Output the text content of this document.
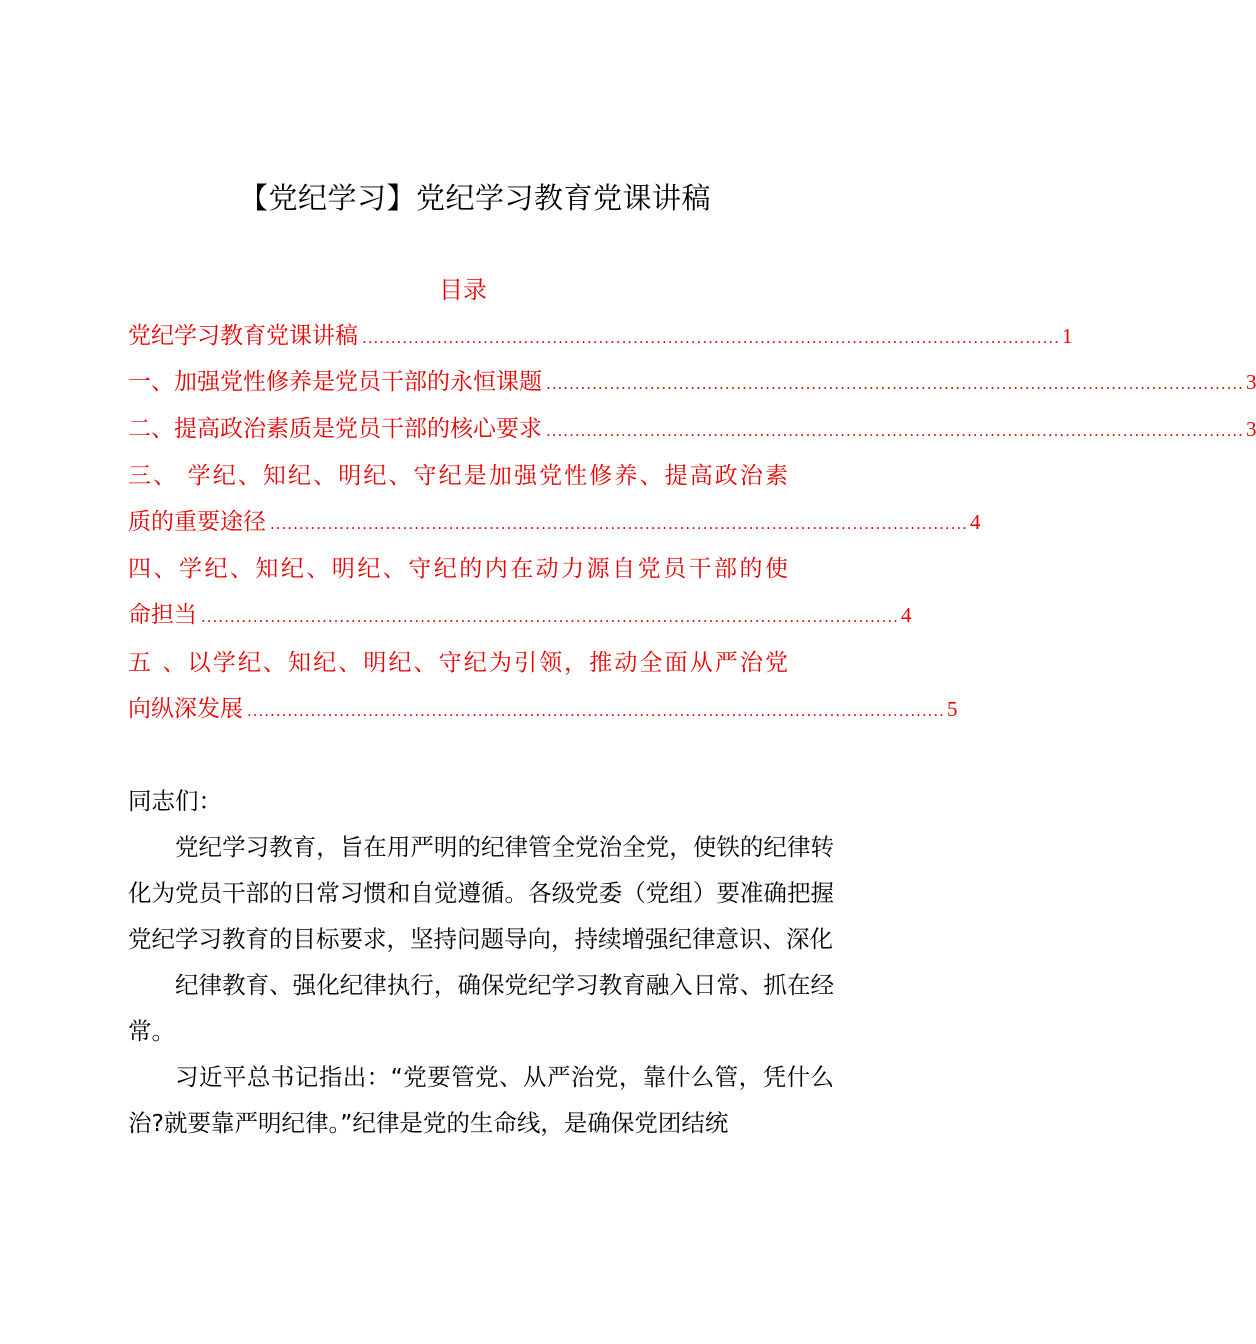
【党纪学习】党纪学习教育党课讲稿
目录
党纪学习教育党课讲稿 ......................................................................................................................... 1
一、加强党性修养是党员干部的永恒课题 ......................................................................................................................... 3
二、提高政治素质是党员干部的核心要求 ......................................................................................................................... 3
三、 学纪、知纪、明纪、守纪是加强党性修养、提高政治素
质的重要途径 ......................................................................................................................... 4
四、学纪、知纪、明纪、守纪的内在动力源自党员干部的使
命担当 ......................................................................................................................... 4
五 、以学纪、知纪、明纪、守纪为引领，推动全面从严治党
向纵深发展 ......................................................................................................................... 5

同志们：

党纪学习教育，旨在用严明的纪律管全党治全党，使铁的纪律转化为党员干部的日常习惯和自觉遵循。各级党委（党组）要准确把握党纪学习教育的目标要求，坚持问题导向，持续增强纪律意识、深化

纪律教育、强化纪律执行，确保党纪学习教育融入日常、抓在经常。

习近平总书记指出：“党要管党、从严治党，靠什么管，凭什么治?就要靠严明纪律。”纪律是党的生命线，是确保党团结统
